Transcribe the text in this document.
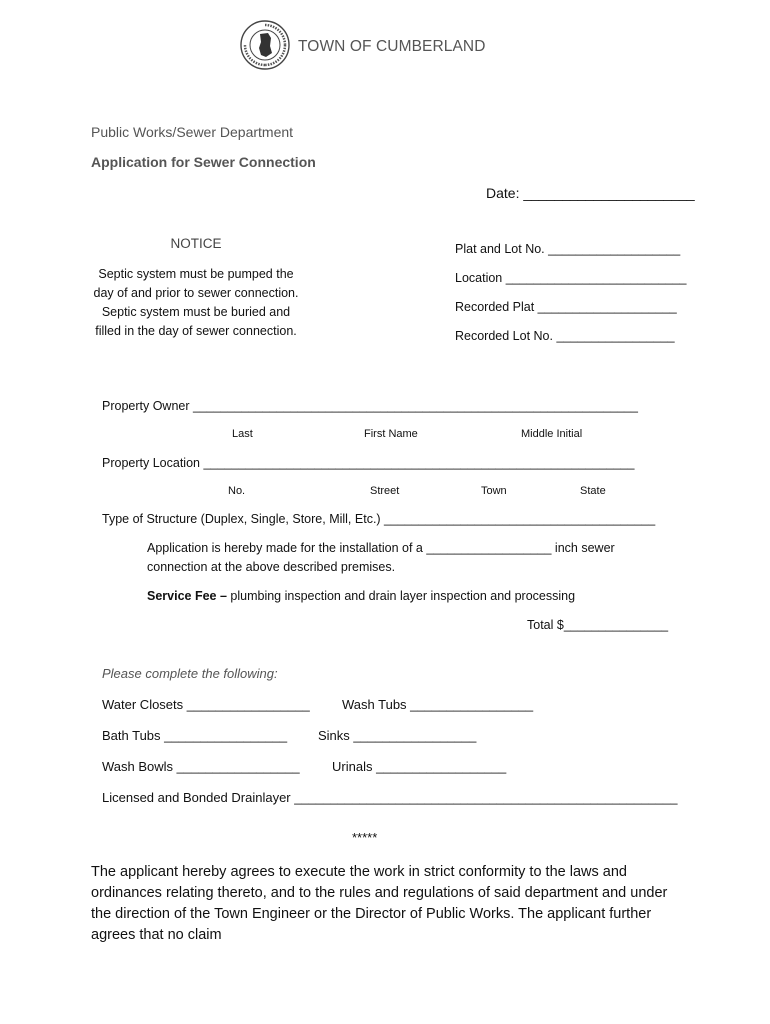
TOWN OF CUMBERLAND
Public Works/Sewer Department
Application for Sewer Connection
Date: ______________________
NOTICE
Septic system must be pumped the
day of and prior to sewer connection.
Septic system must be buried and
filled in the day of sewer connection.
Plat and Lot No. ___________________
Location __________________________
Recorded Plat ____________________
Recorded Lot No. _________________
Property Owner ________________________________________________________________
Last	First Name	Middle Initial
Property Location ______________________________________________________________
No.	Street	Town	State
Type of Structure (Duplex, Single, Store, Mill, Etc.) _______________________________________
Application is hereby made for the installation of a __________________ inch sewer
connection at the above described premises.
Service Fee – plumbing inspection and drain layer inspection and processing
Total $_______________
Please complete the following:
Water Closets _________________ Wash Tubs _________________
Bath Tubs _________________ Sinks _________________
Wash Bowls _________________ Urinals __________________
Licensed and Bonded Drainlayer _____________________________________________________
*****
The applicant hereby agrees to execute the work in strict conformity to the laws and ordinances relating thereto, and to the rules and regulations of said department and under the direction of the Town Engineer or the Director of Public Works. The applicant further agrees that no claim
